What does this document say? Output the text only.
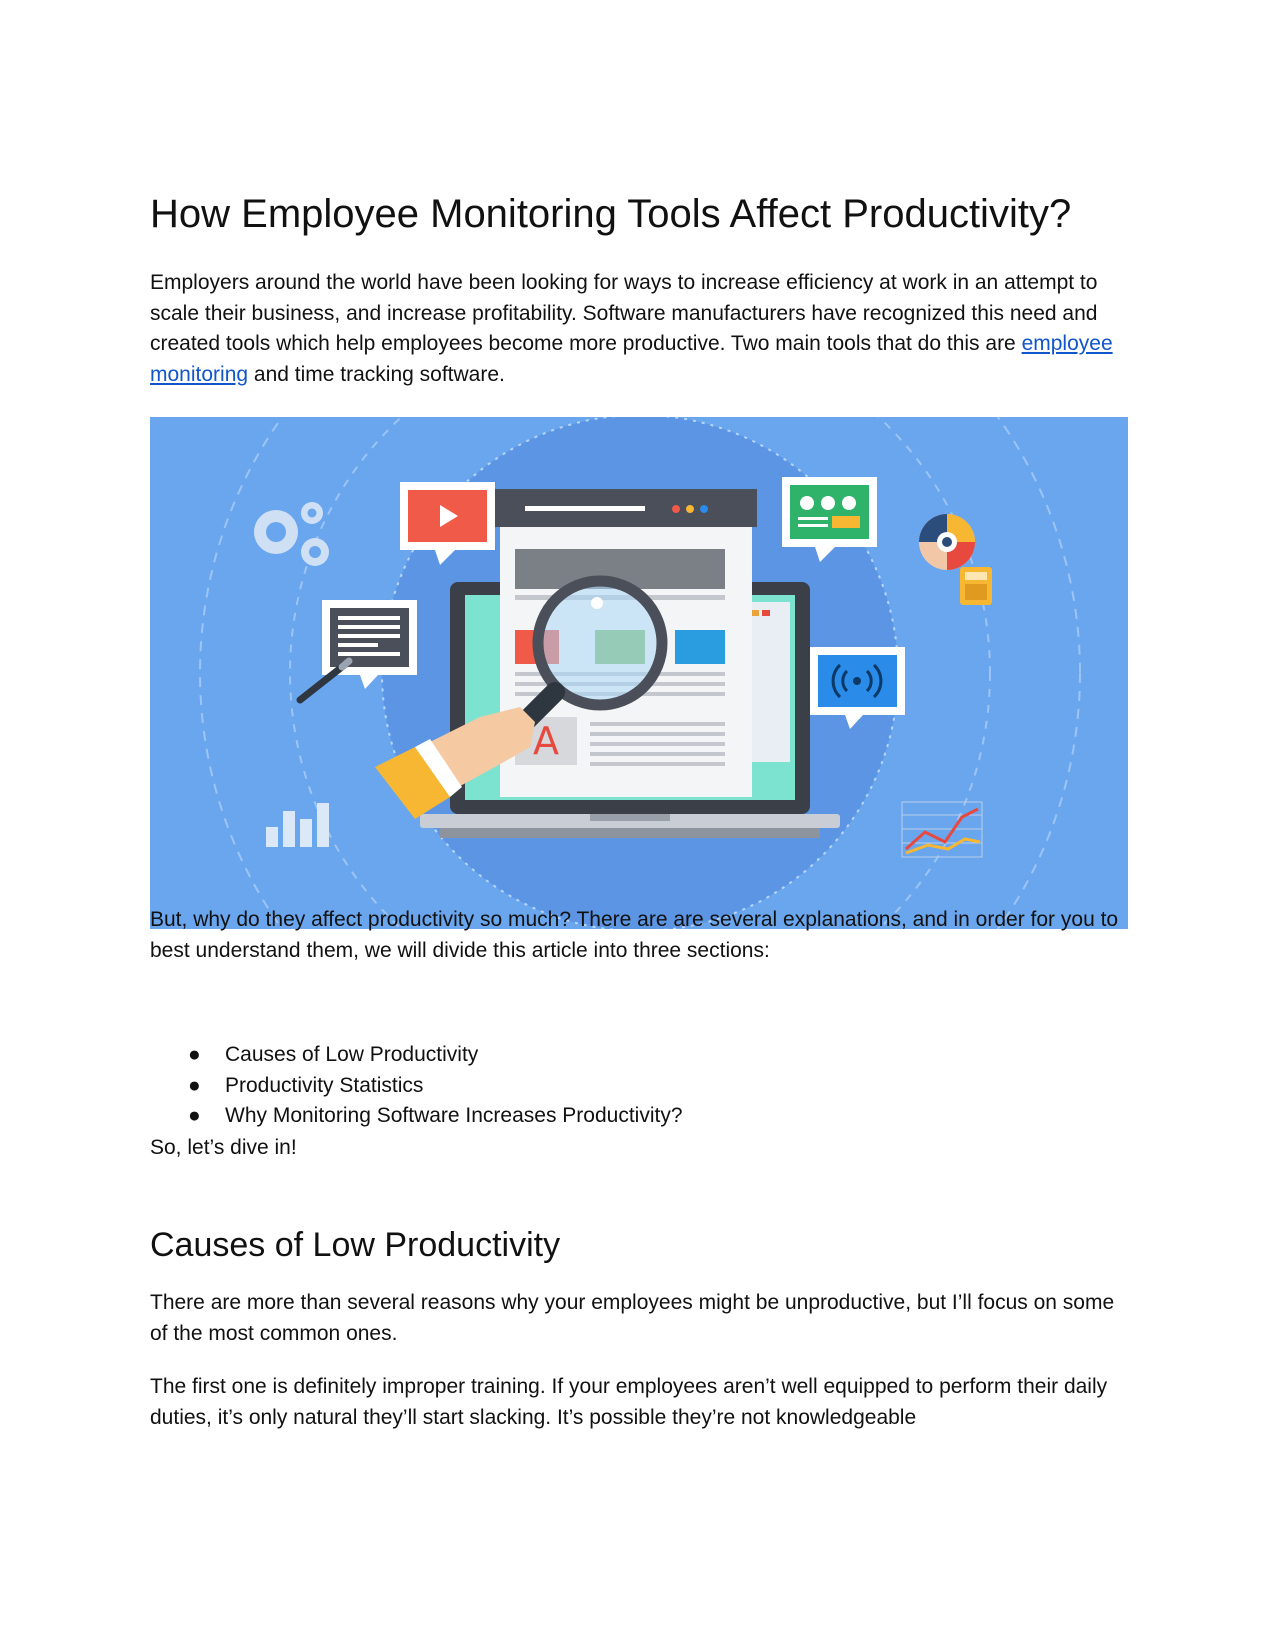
How Employee Monitoring Tools Affect Productivity?

Employers around the world have been looking for ways to increase efficiency at work in an attempt to scale their business, and increase profitability. Software manufacturers have recognized this need and created tools which help employees become more productive. Two main tools that do this are employee monitoring and time tracking software.

A

But, why do they affect productivity so much? There are are several explanations, and in order for you to best understand them, we will divide this article into three sections:

● Causes of Low Productivity
● Productivity Statistics
● Why Monitoring Software Increases Productivity?

So, let’s dive in!

Causes of Low Productivity

There are more than several reasons why your employees might be unproductive, but I’ll focus on some of the most common ones.

The first one is definitely improper training. If your employees aren’t well equipped to perform their daily duties, it’s only natural they’ll start slacking. It’s possible they’re not knowledgeable
